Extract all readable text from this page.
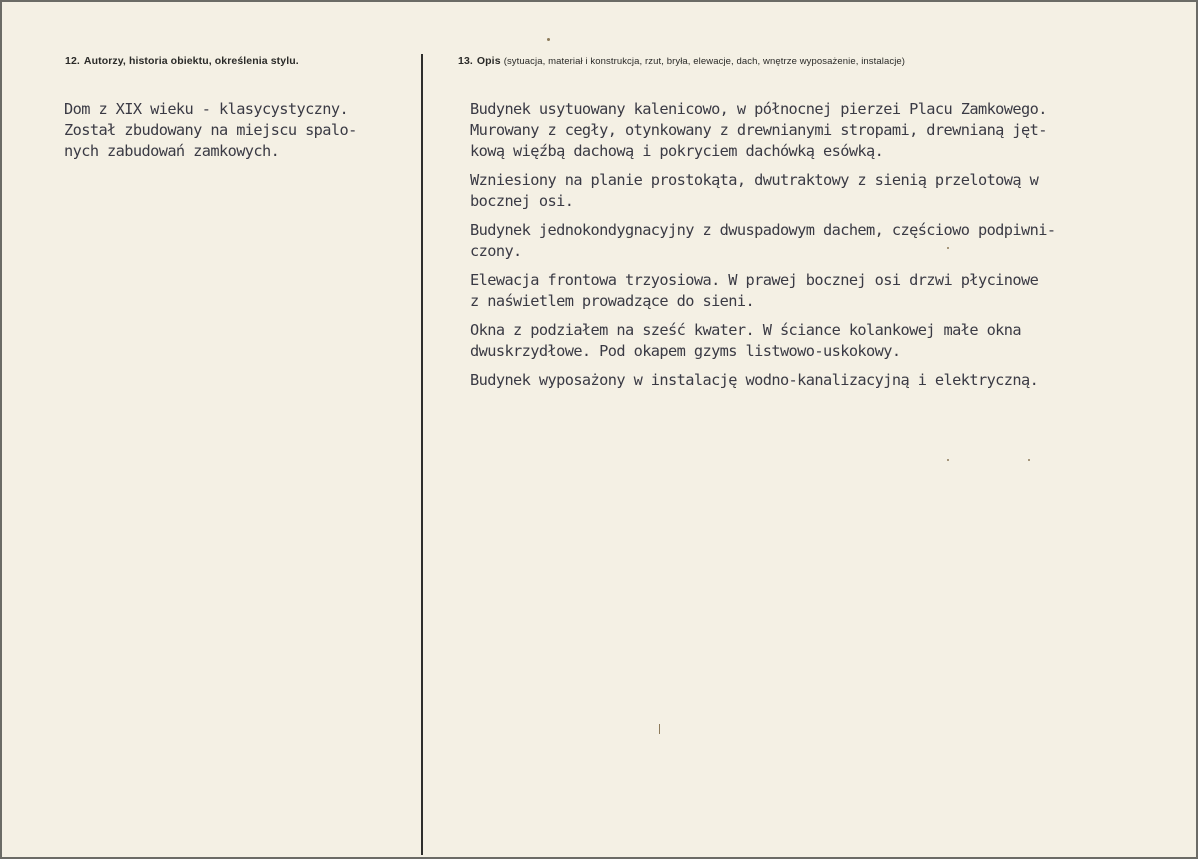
12. Autorzy, historia obiektu, określenia stylu.	13. Opis (sytuacja, materiał i konstrukcja, rzut, bryła, elewacje, dach, wnętrze wyposażenie, instalacje)
Dom z XIX wieku - klasycystyczny.
Został zbudowany na miejscu spalo-
nych zabudowań zamkowych.
Budynek usytuowany kalenicowo, w północnej pierzei Placu Zamkowego.
Murowany z cegły, otynkowany z drewnianymi stropami, drewnianą jęt-
kową więźbą dachową i pokryciem dachówką esówką.
Wzniesiony na planie prostokąta, dwutraktowy z sienią przelotową w
bocznej osi.
Budynek jednokondygnacyjny z dwuspadowym dachem, częściowo podpiwni-
czony.
Elewacja frontowa trzyosiowa. W prawej bocznej osi drzwi płycinowe
z naświetlem prowadzące do sieni.
Okna z podziałem na sześć kwater. W ściance kolankowej małe okna
dwuskrzydłowe. Pod okapem gzyms listwowo-uskokowy.
Budynek wyposażony w instalację wodno-kanalizacyjną i elektryczną.
